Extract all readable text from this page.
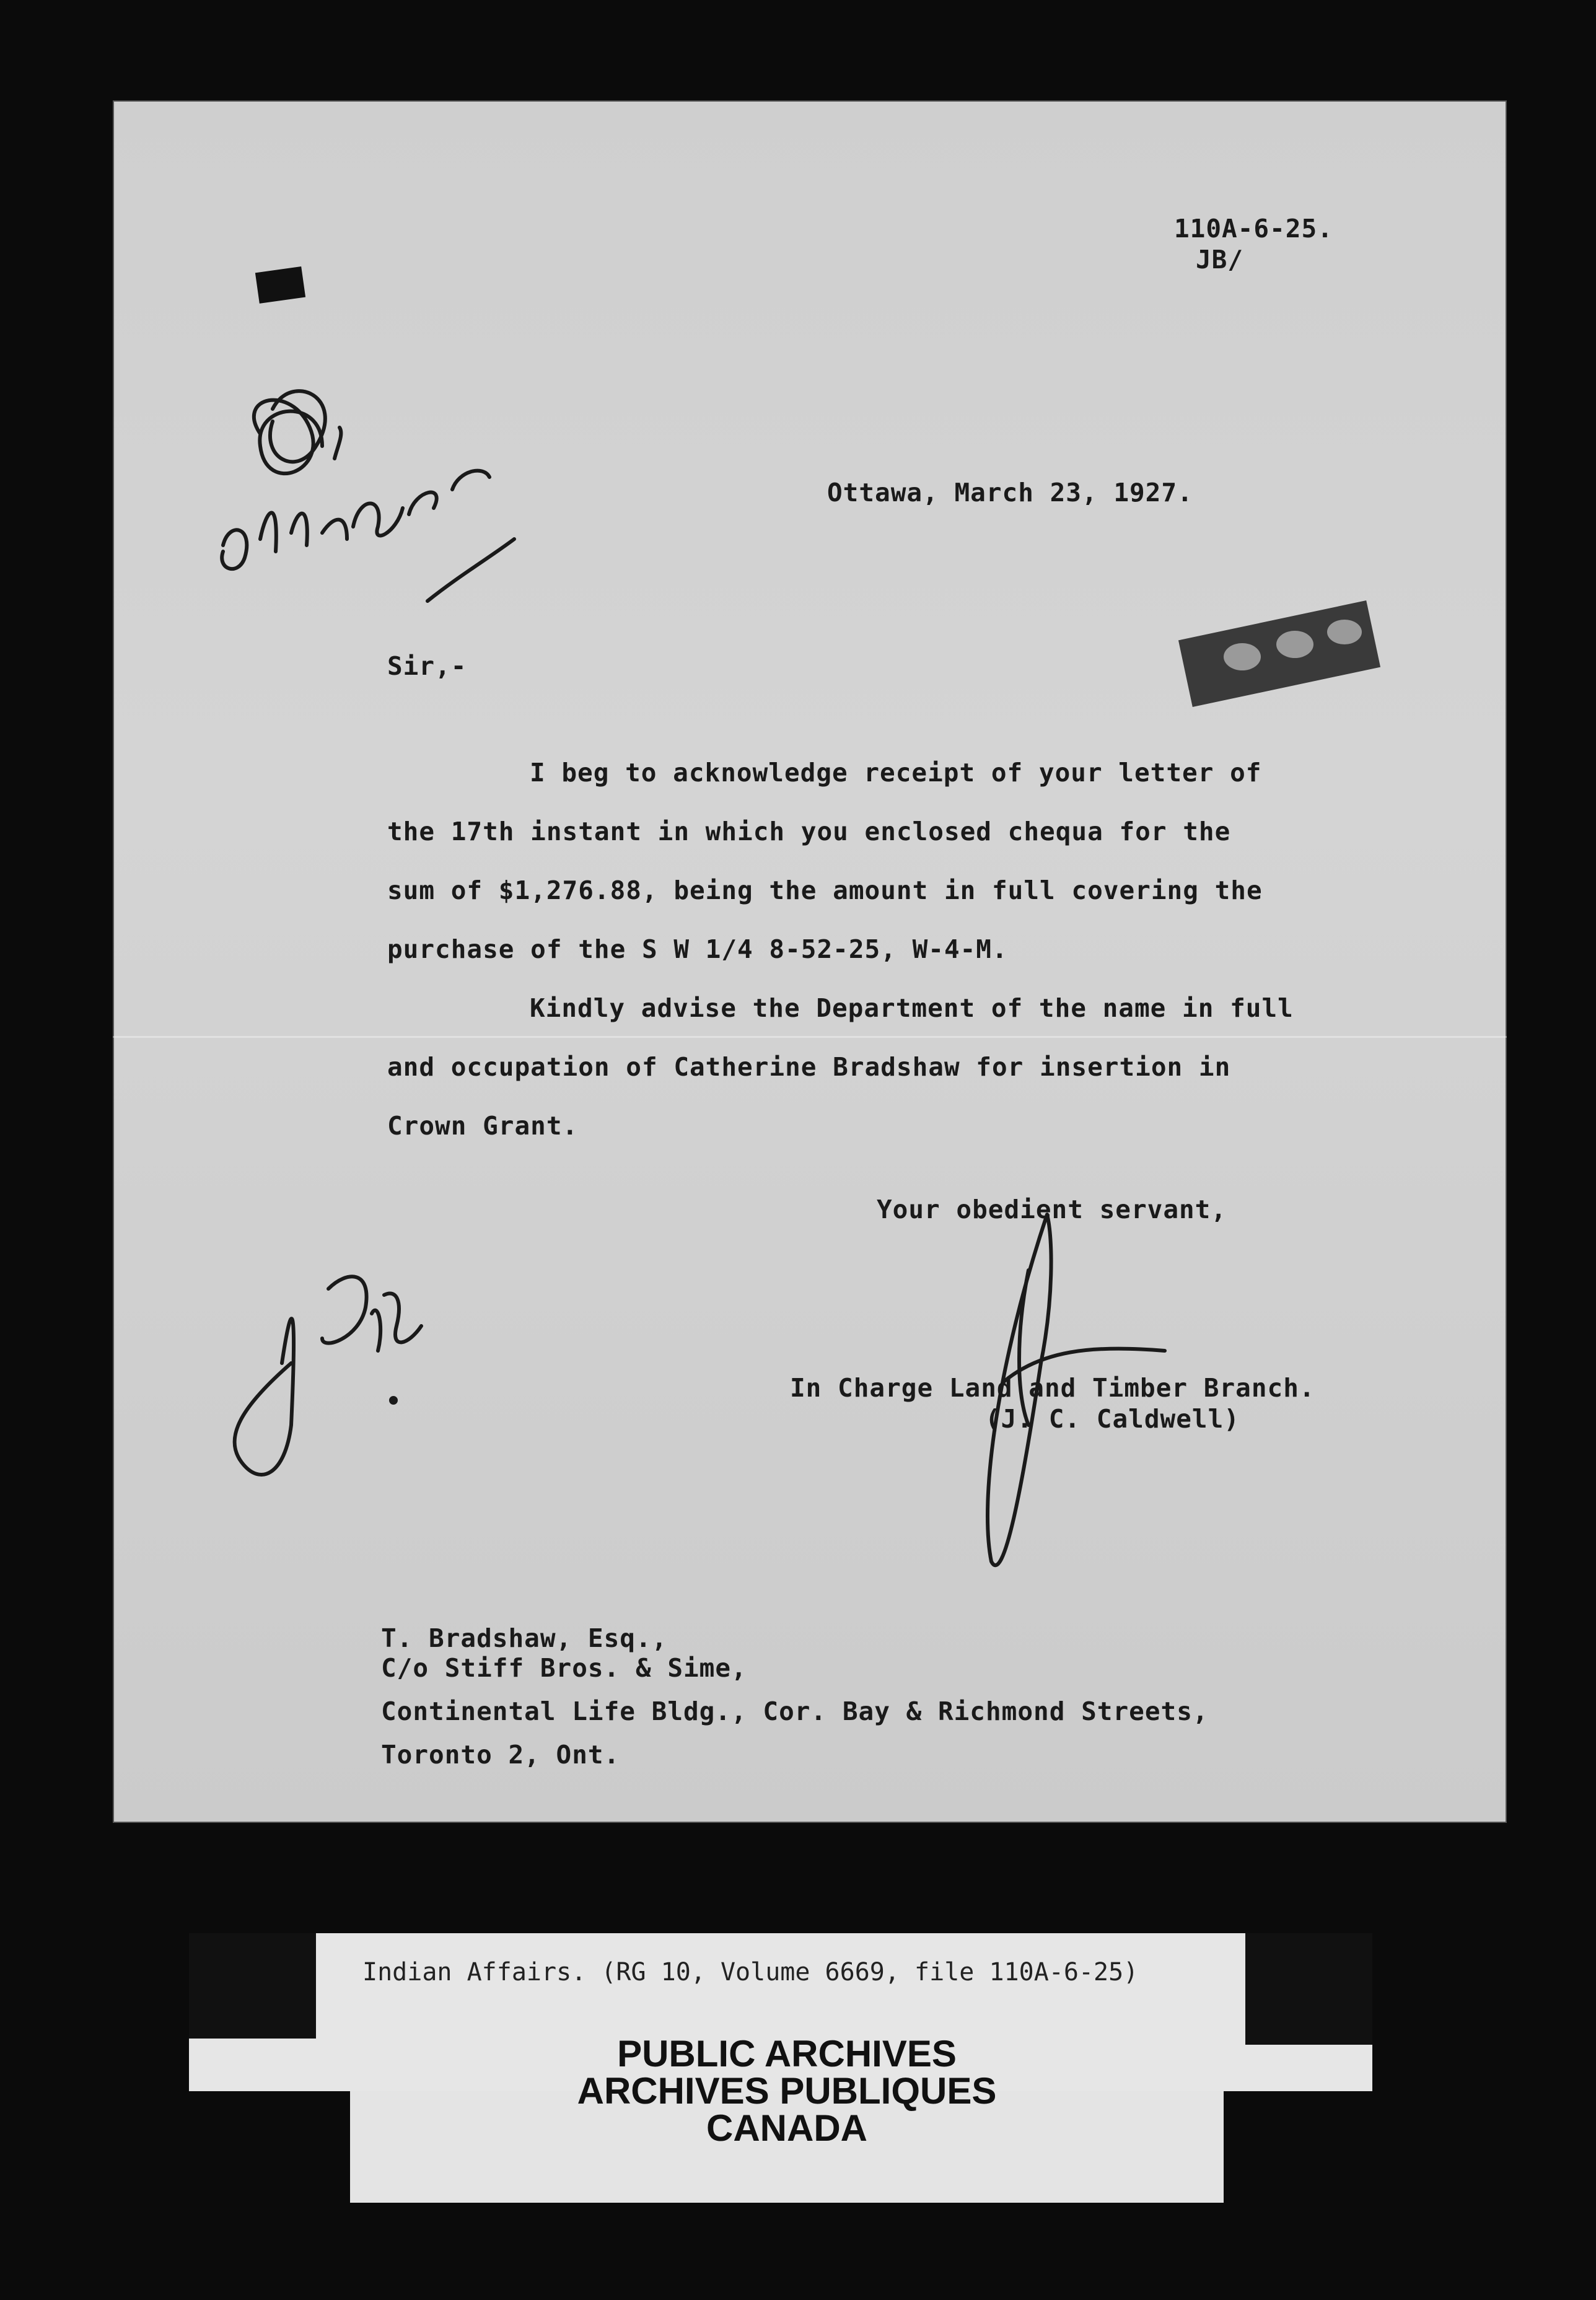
110A-6-25.
JB/
Ottawa, March 23, 1927.
Sir,-
I beg to acknowledge receipt of your letter of
the 17th instant in which you enclosed chequa for the
sum of $1,276.88, being the amount in full covering the
purchase of the S W 1/4 8-52-25, W-4-M.
Kindly advise the Department of the name in full
and occupation of Catherine Bradshaw for insertion in
Crown Grant.
Your obedient servant,
In Charge Land and Timber Branch.
(J. C. Caldwell)
T. Bradshaw, Esq.,
C/o Stiff Bros. & Sime,
Continental Life Bldg., Cor. Bay & Richmond Streets,
Toronto 2, Ont.
Indian Affairs. (RG 10, Volume 6669, file 110A-6-25)
PUBLIC ARCHIVES
ARCHIVES PUBLIQUES
CANADA
